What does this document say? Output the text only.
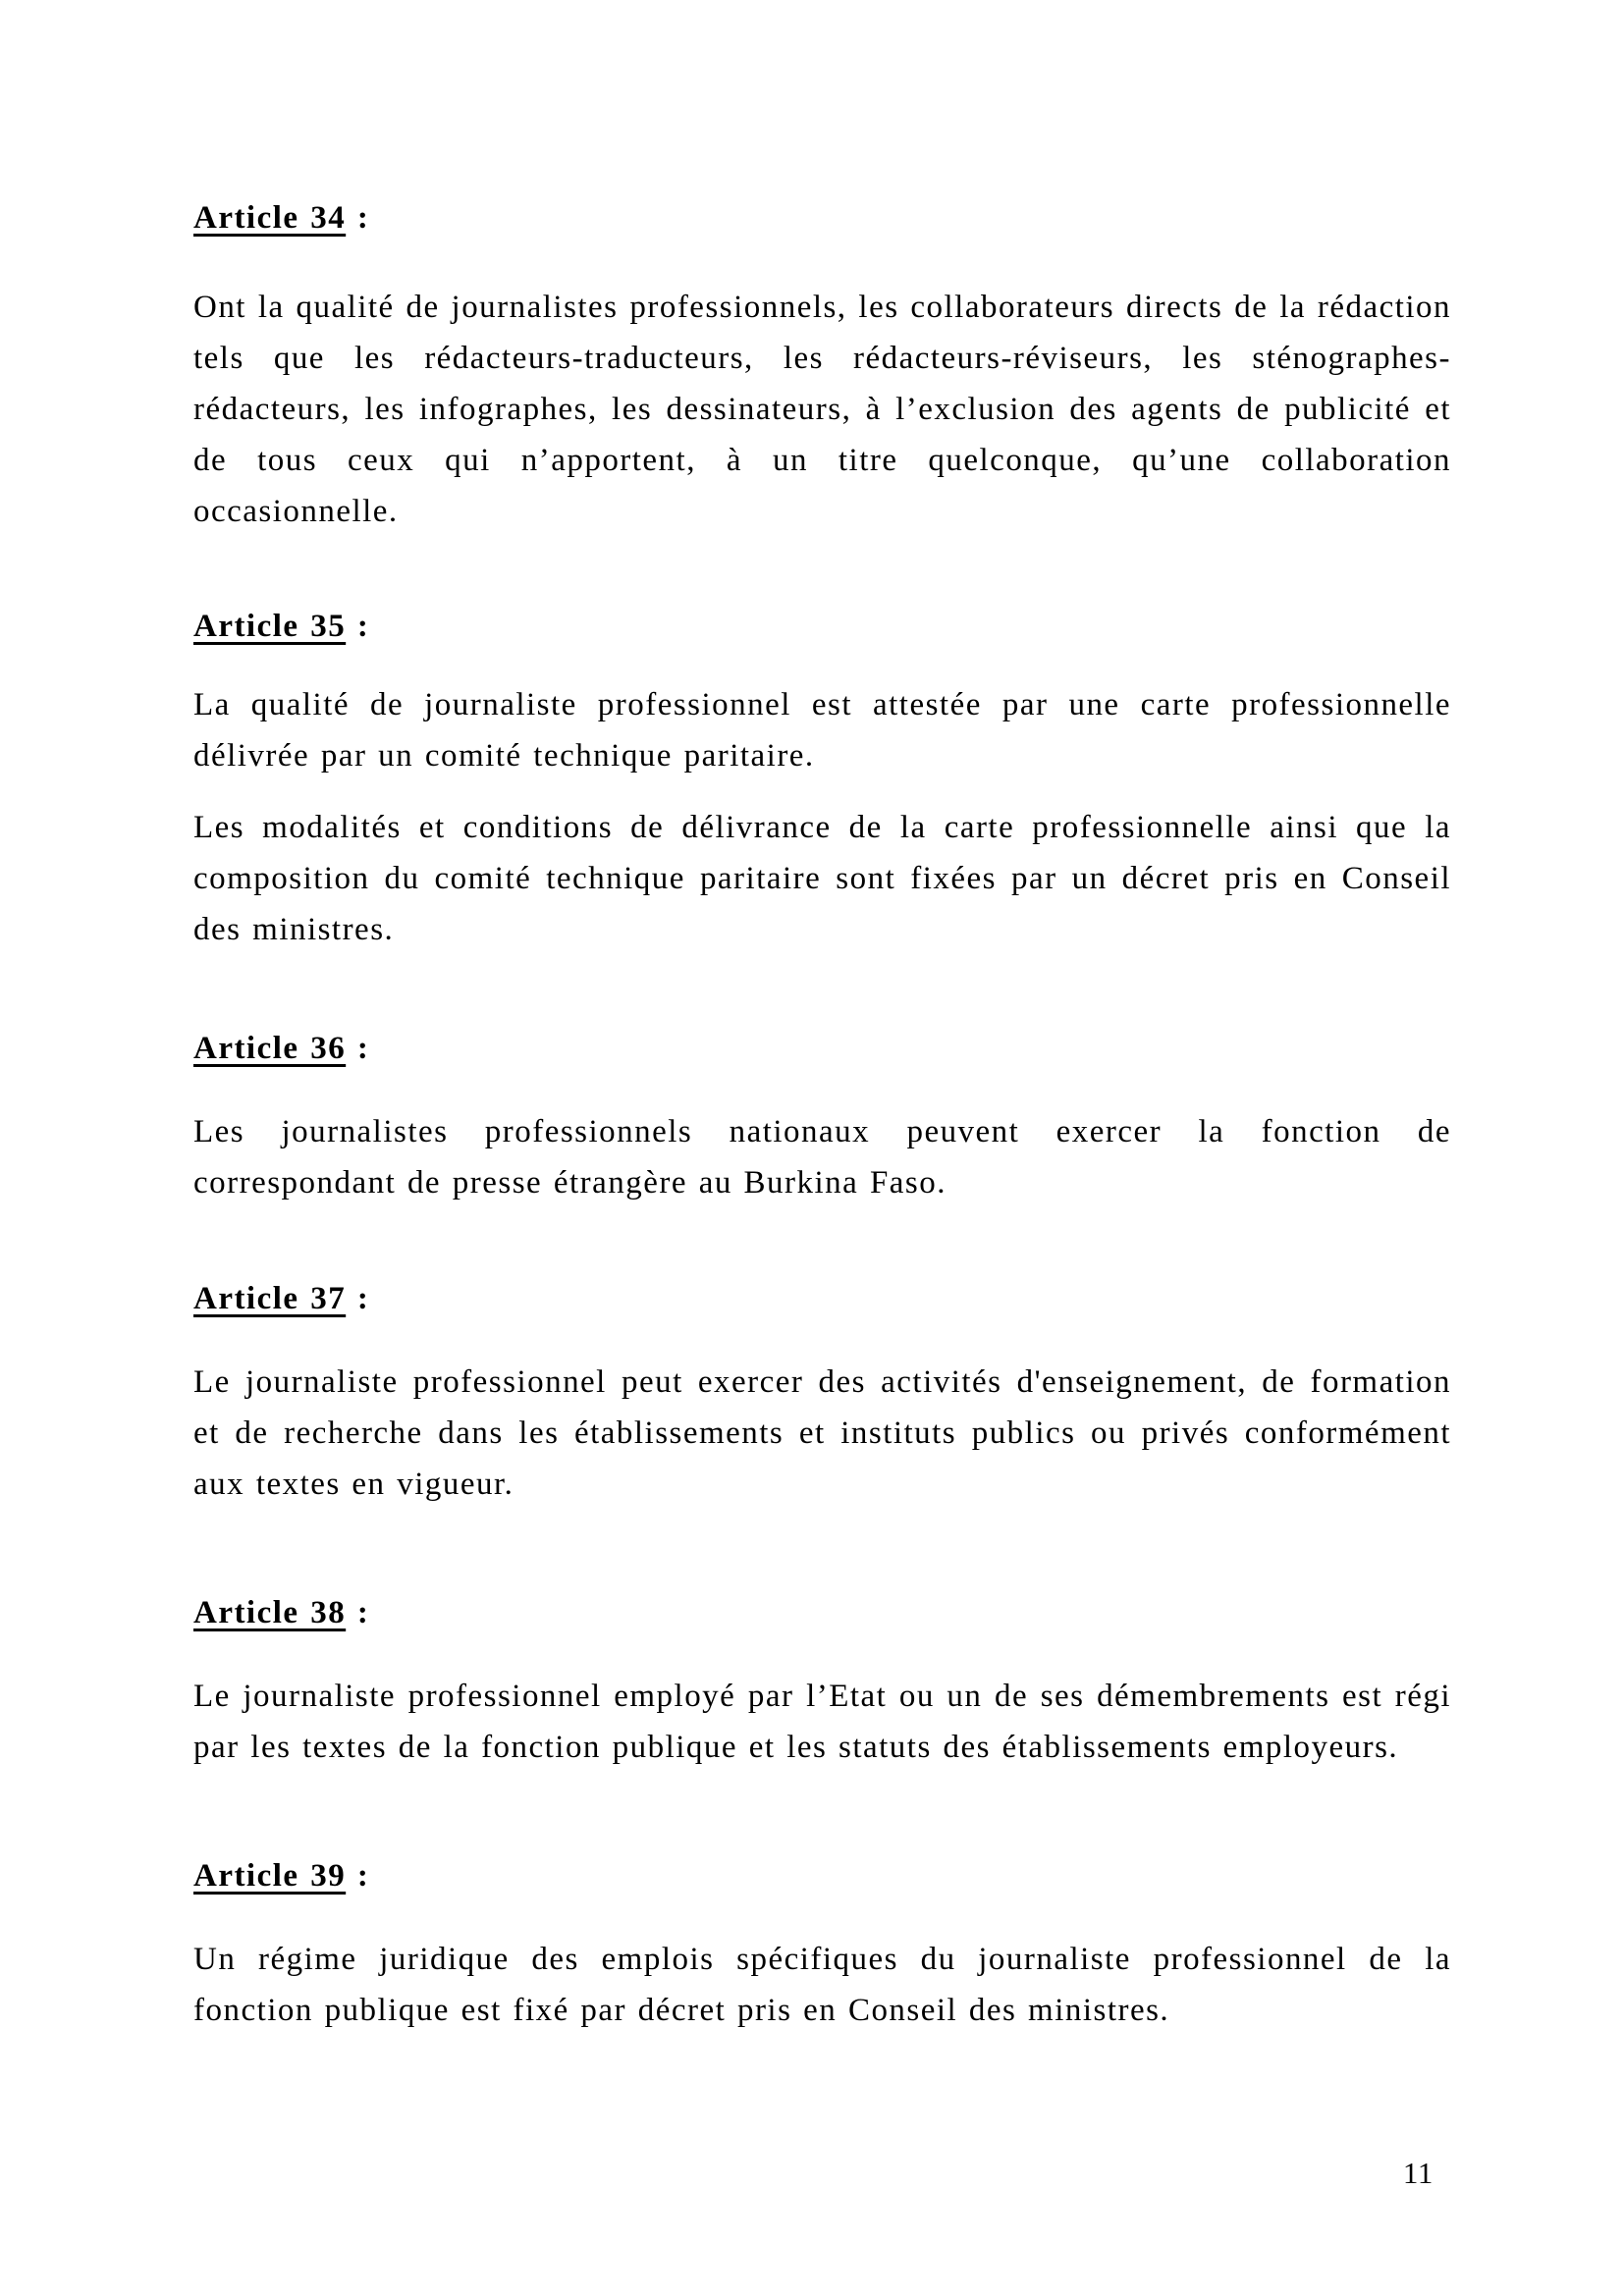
Article 34 :

Ont la qualité de journalistes professionnels, les collaborateurs directs de la rédaction tels que les rédacteurs-traducteurs, les rédacteurs-réviseurs, les sténographes-rédacteurs, les infographes, les dessinateurs, à l’exclusion des agents de publicité et de tous ceux qui n’apportent, à un titre quelconque, qu’une collaboration occasionnelle.

Article 35 :

La qualité de journaliste professionnel est attestée par une carte professionnelle délivrée par un comité technique paritaire.

Les modalités et conditions de délivrance de la carte professionnelle ainsi que la composition du comité technique paritaire sont fixées par un décret pris en Conseil des ministres.

Article 36 :

Les journalistes professionnels nationaux peuvent exercer la fonction de correspondant de presse étrangère au Burkina Faso.

Article 37 :

Le journaliste professionnel peut exercer des activités d'enseignement, de formation et de recherche dans les établissements et instituts publics ou privés conformément aux textes en vigueur.

Article 38 :

Le journaliste professionnel employé par l’Etat ou un de ses démembrements est régi par les textes de la fonction publique et les statuts des établissements employeurs.

Article 39 :

Un régime juridique des emplois spécifiques du journaliste professionnel de la fonction publique est fixé par décret pris en Conseil des ministres.

11
